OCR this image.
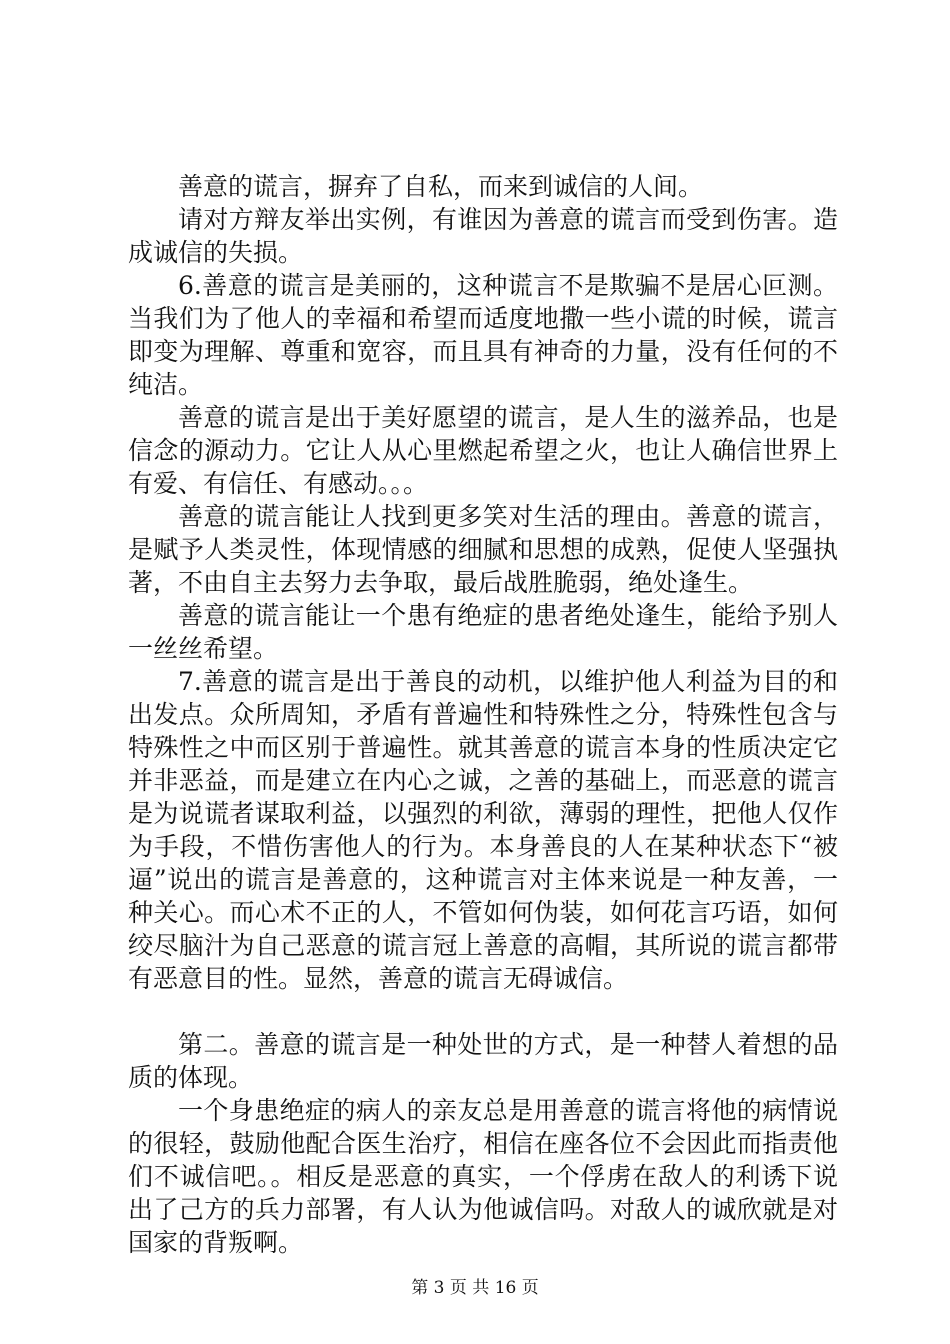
善意的谎言，摒弃了自私，而来到诚信的人间。

请对方辩友举出实例，有谁因为善意的谎言而受到伤害。造成诚信的失损。

6.善意的谎言是美丽的，这种谎言不是欺骗不是居心叵测。当我们为了他人的幸福和希望而适度地撒一些小谎的时候，谎言即变为理解、尊重和宽容，而且具有神奇的力量，没有任何的不纯洁。

善意的谎言是出于美好愿望的谎言，是人生的滋养品，也是信念的源动力。它让人从心里燃起希望之火，也让人确信世界上有爱、有信任、有感动。。。

善意的谎言能让人找到更多笑对生活的理由。善意的谎言，是赋予人类灵性，体现情感的细腻和思想的成熟，促使人坚强执著，不由自主去努力去争取，最后战胜脆弱，绝处逢生。

善意的谎言能让一个患有绝症的患者绝处逢生，能给予别人一丝丝希望。

7.善意的谎言是出于善良的动机，以维护他人利益为目的和出发点。众所周知，矛盾有普遍性和特殊性之分，特殊性包含与特殊性之中而区别于普遍性。就其善意的谎言本身的性质决定它并非恶益，而是建立在内心之诚，之善的基础上，而恶意的谎言是为说谎者谋取利益，以强烈的利欲，薄弱的理性，把他人仅作为手段，不惜伤害他人的行为。本身善良的人在某种状态下“被逼”说出的谎言是善意的，这种谎言对主体来说是一种友善，一种关心。而心术不正的人，不管如何伪装，如何花言巧语，如何绞尽脑汁为自己恶意的谎言冠上善意的高帽，其所说的谎言都带有恶意目的性。显然，善意的谎言无碍诚信。

第二。善意的谎言是一种处世的方式，是一种替人着想的品质的体现。

一个身患绝症的病人的亲友总是用善意的谎言将他的病情说的很轻，鼓励他配合医生治疗，相信在座各位不会因此而指责他们不诚信吧。。相反是恶意的真实，一个俘虏在敌人的利诱下说出了己方的兵力部署，有人认为他诚信吗。对敌人的诚欣就是对国家的背叛啊。

第 3 页 共 16 页
